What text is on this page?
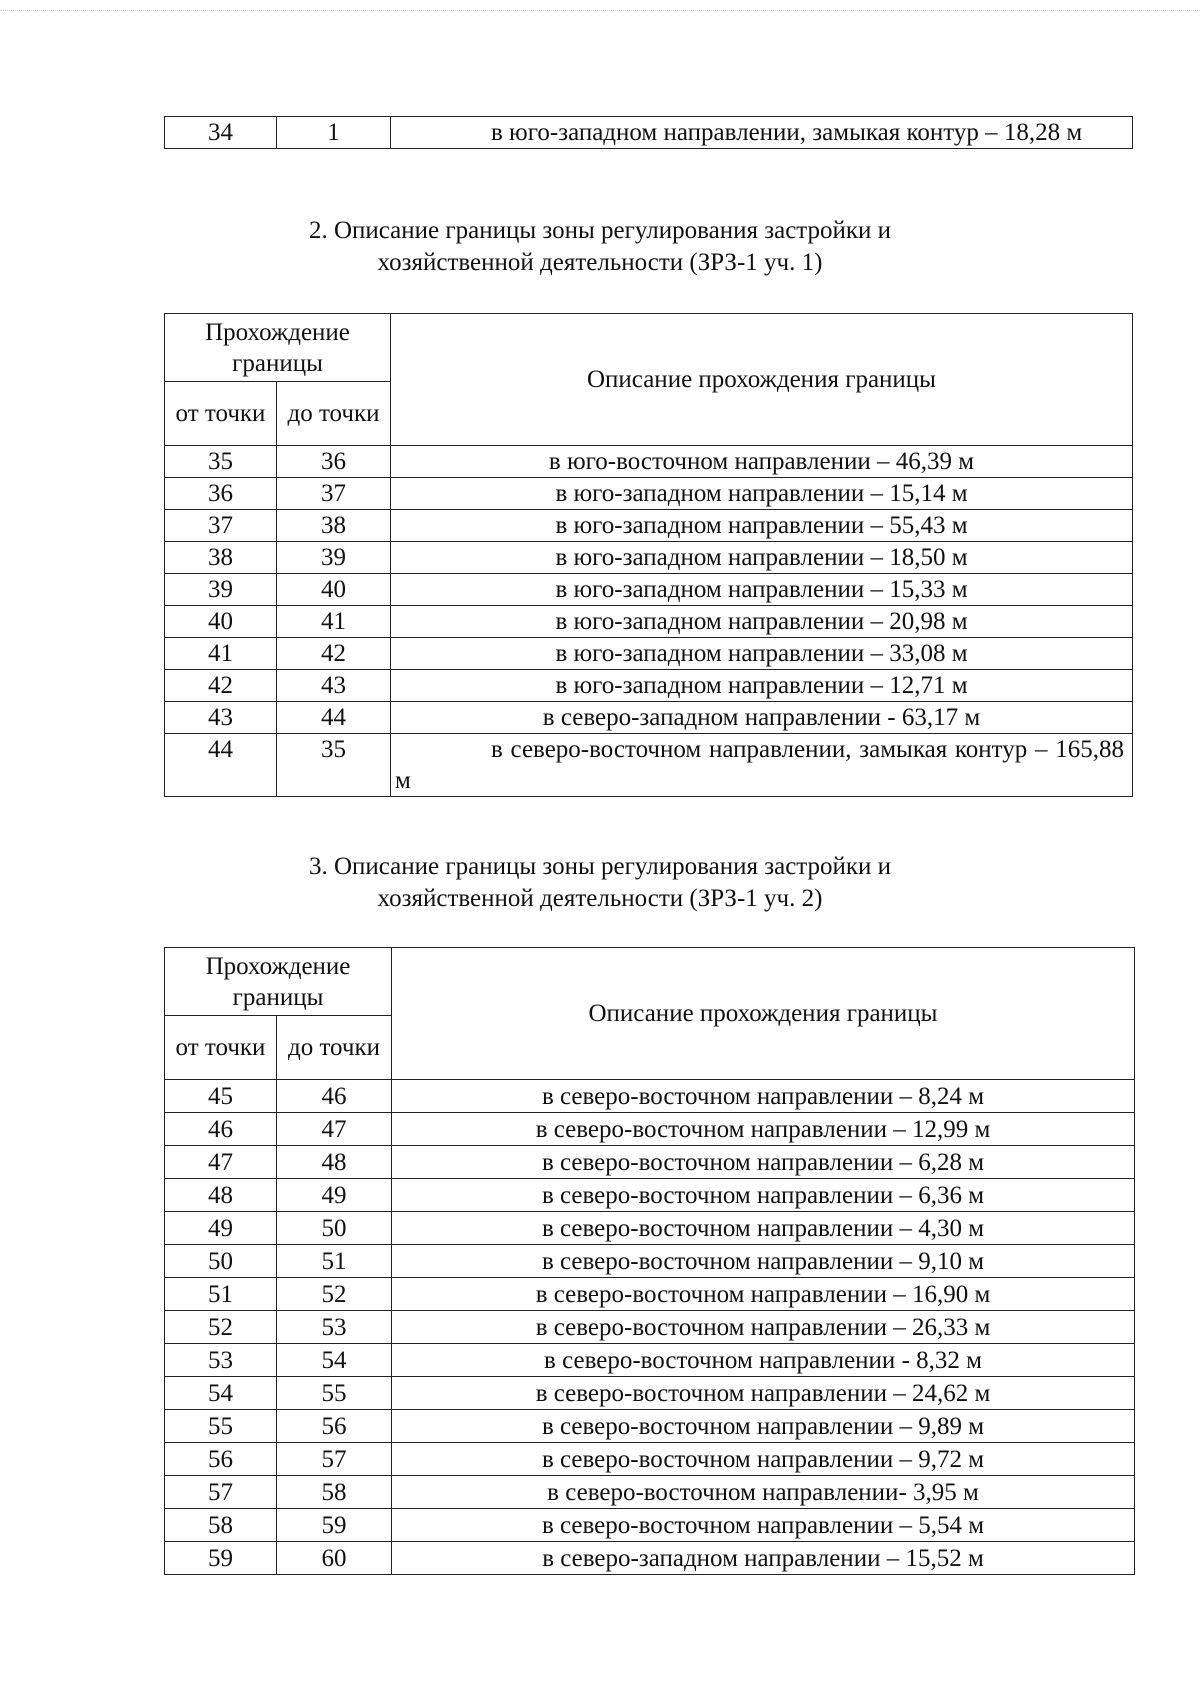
34	1	в юго-западном направлении, замыкая контур – 18,28 м
2. Описание границы зоны регулирования застройки и
хозяйственной деятельности (ЗРЗ-1 уч. 1)
Прохождение границы		Описание прохождения границы
от точки	до точки	
35	36	в юго-восточном направлении – 46,39 м
36	37	в юго-западном направлении – 15,14 м
37	38	в юго-западном направлении – 55,43 м
38	39	в юго-западном направлении – 18,50 м
39	40	в юго-западном направлении – 15,33 м
40	41	в юго-западном направлении – 20,98 м
41	42	в юго-западном направлении – 33,08 м
42	43	в юго-западном направлении – 12,71 м
43	44	в северо-западном направлении - 63,17 м
44	35	в северо-восточном направлении, замыкая контур – 165,88 м
3. Описание границы зоны регулирования застройки и
хозяйственной деятельности (ЗРЗ-1 уч. 2)
Прохождение границы		Описание прохождения границы
от точки	до точки	
45	46	в северо-восточном направлении – 8,24 м
46	47	в северо-восточном направлении – 12,99 м
47	48	в северо-восточном направлении – 6,28 м
48	49	в северо-восточном направлении – 6,36 м
49	50	в северо-восточном направлении – 4,30 м
50	51	в северо-восточном направлении – 9,10 м
51	52	в северо-восточном направлении – 16,90 м
52	53	в северо-восточном направлении – 26,33 м
53	54	в северо-восточном направлении - 8,32 м
54	55	в северо-восточном направлении – 24,62 м
55	56	в северо-восточном направлении – 9,89 м
56	57	в северо-восточном направлении – 9,72 м
57	58	в северо-восточном направлении- 3,95 м
58	59	в северо-восточном направлении – 5,54 м
59	60	в северо-западном направлении – 15,52 м
